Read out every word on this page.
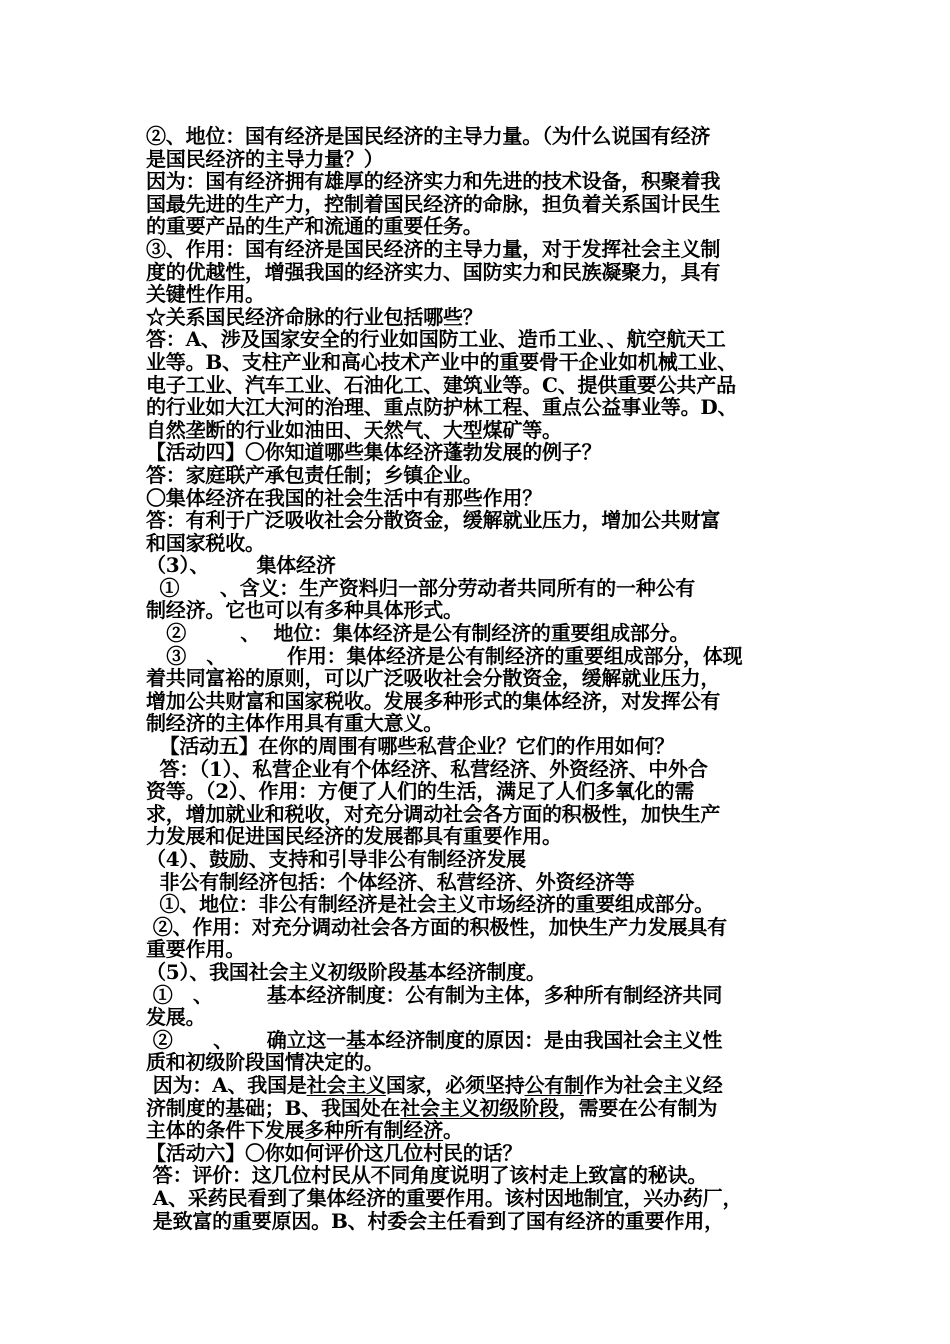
②、地位：国有经济是国民经济的主导力量。（为什么说国有经济
是国民经济的主导力量？）
因为：国有经济拥有雄厚的经济实力和先进的技术设备，积聚着我
国最先进的生产力，控制着国民经济的命脉，担负着关系国计民生
的重要产品的生产和流通的重要任务。
③、作用：国有经济是国民经济的主导力量，对于发挥社会主义制
度的优越性，增强我国的经济实力、国防实力和民族凝聚力，具有
关键性作用。
☆关系国民经济命脉的行业包括哪些？
答：A、涉及国家安全的行业如国防工业、造币工业、、航空航天工
业等。B、支柱产业和高心技术产业中的重要骨干企业如机械工业、
电子工业、汽车工业、石油化工、建筑业等。C、提供重要公共产品
的行业如大江大河的治理、重点防护林工程、重点公益事业等。D、
自然垄断的行业如油田、天然气、大型煤矿等。
【活动四】〇你知道哪些集体经济蓬勃发展的例子？
答：家庭联产承包责任制；乡镇企业。
〇集体经济在我国的社会生活中有那些作用？
答：有利于广泛吸收社会分散资金，缓解就业压力，增加公共财富
和国家税收。
（3）、       集体经济
①      、含义：生产资料归一部分劳动者共同所有的一种公有
制经济。它也可以有多种具体形式。
②        、  地位：集体经济是公有制经济的重要组成部分。
③   、         作用：集体经济是公有制经济的重要组成部分，体现
着共同富裕的原则，可以广泛吸收社会分散资金，缓解就业压力，
增加公共财富和国家税收。发展多种形式的集体经济，对发挥公有
制经济的主体作用具有重大意义。
【活动五】在你的周围有哪些私营企业？它们的作用如何？
答：（1）、私营企业有个体经济、私营经济、外资经济、中外合
资等。（2）、作用：方便了人们的生活，满足了人们多氧化的需
求，增加就业和税收，对充分调动社会各方面的积极性，加快生产
力发展和促进国民经济的发展都具有重要作用。
（4）、鼓励、支持和引导非公有制经济发展
非公有制经济包括：个体经济、私营经济、外资经济等
①、地位：非公有制经济是社会主义市场经济的重要组成部分。
②、作用：对充分调动社会各方面的积极性，加快生产力发展具有
重要作用。
（5）、我国社会主义初级阶段基本经济制度。
①   、        基本经济制度：公有制为主体，多种所有制经济共同
发展。
②      、     确立这一基本经济制度的原因：是由我国社会主义性
质和初级阶段国情决定的。
因为：A、我国是社会主义国家，必须坚持公有制作为社会主义经
济制度的基础；B、我国处在社会主义初级阶段，需要在公有制为
主体的条件下发展多种所有制经济。
【活动六】〇你如何评价这几位村民的话？
答：评价：这几位村民从不同角度说明了该村走上致富的秘诀。
A、采药民看到了集体经济的重要作用。该村因地制宜，兴办药厂，
是致富的重要原因。B、村委会主任看到了国有经济的重要作用，
